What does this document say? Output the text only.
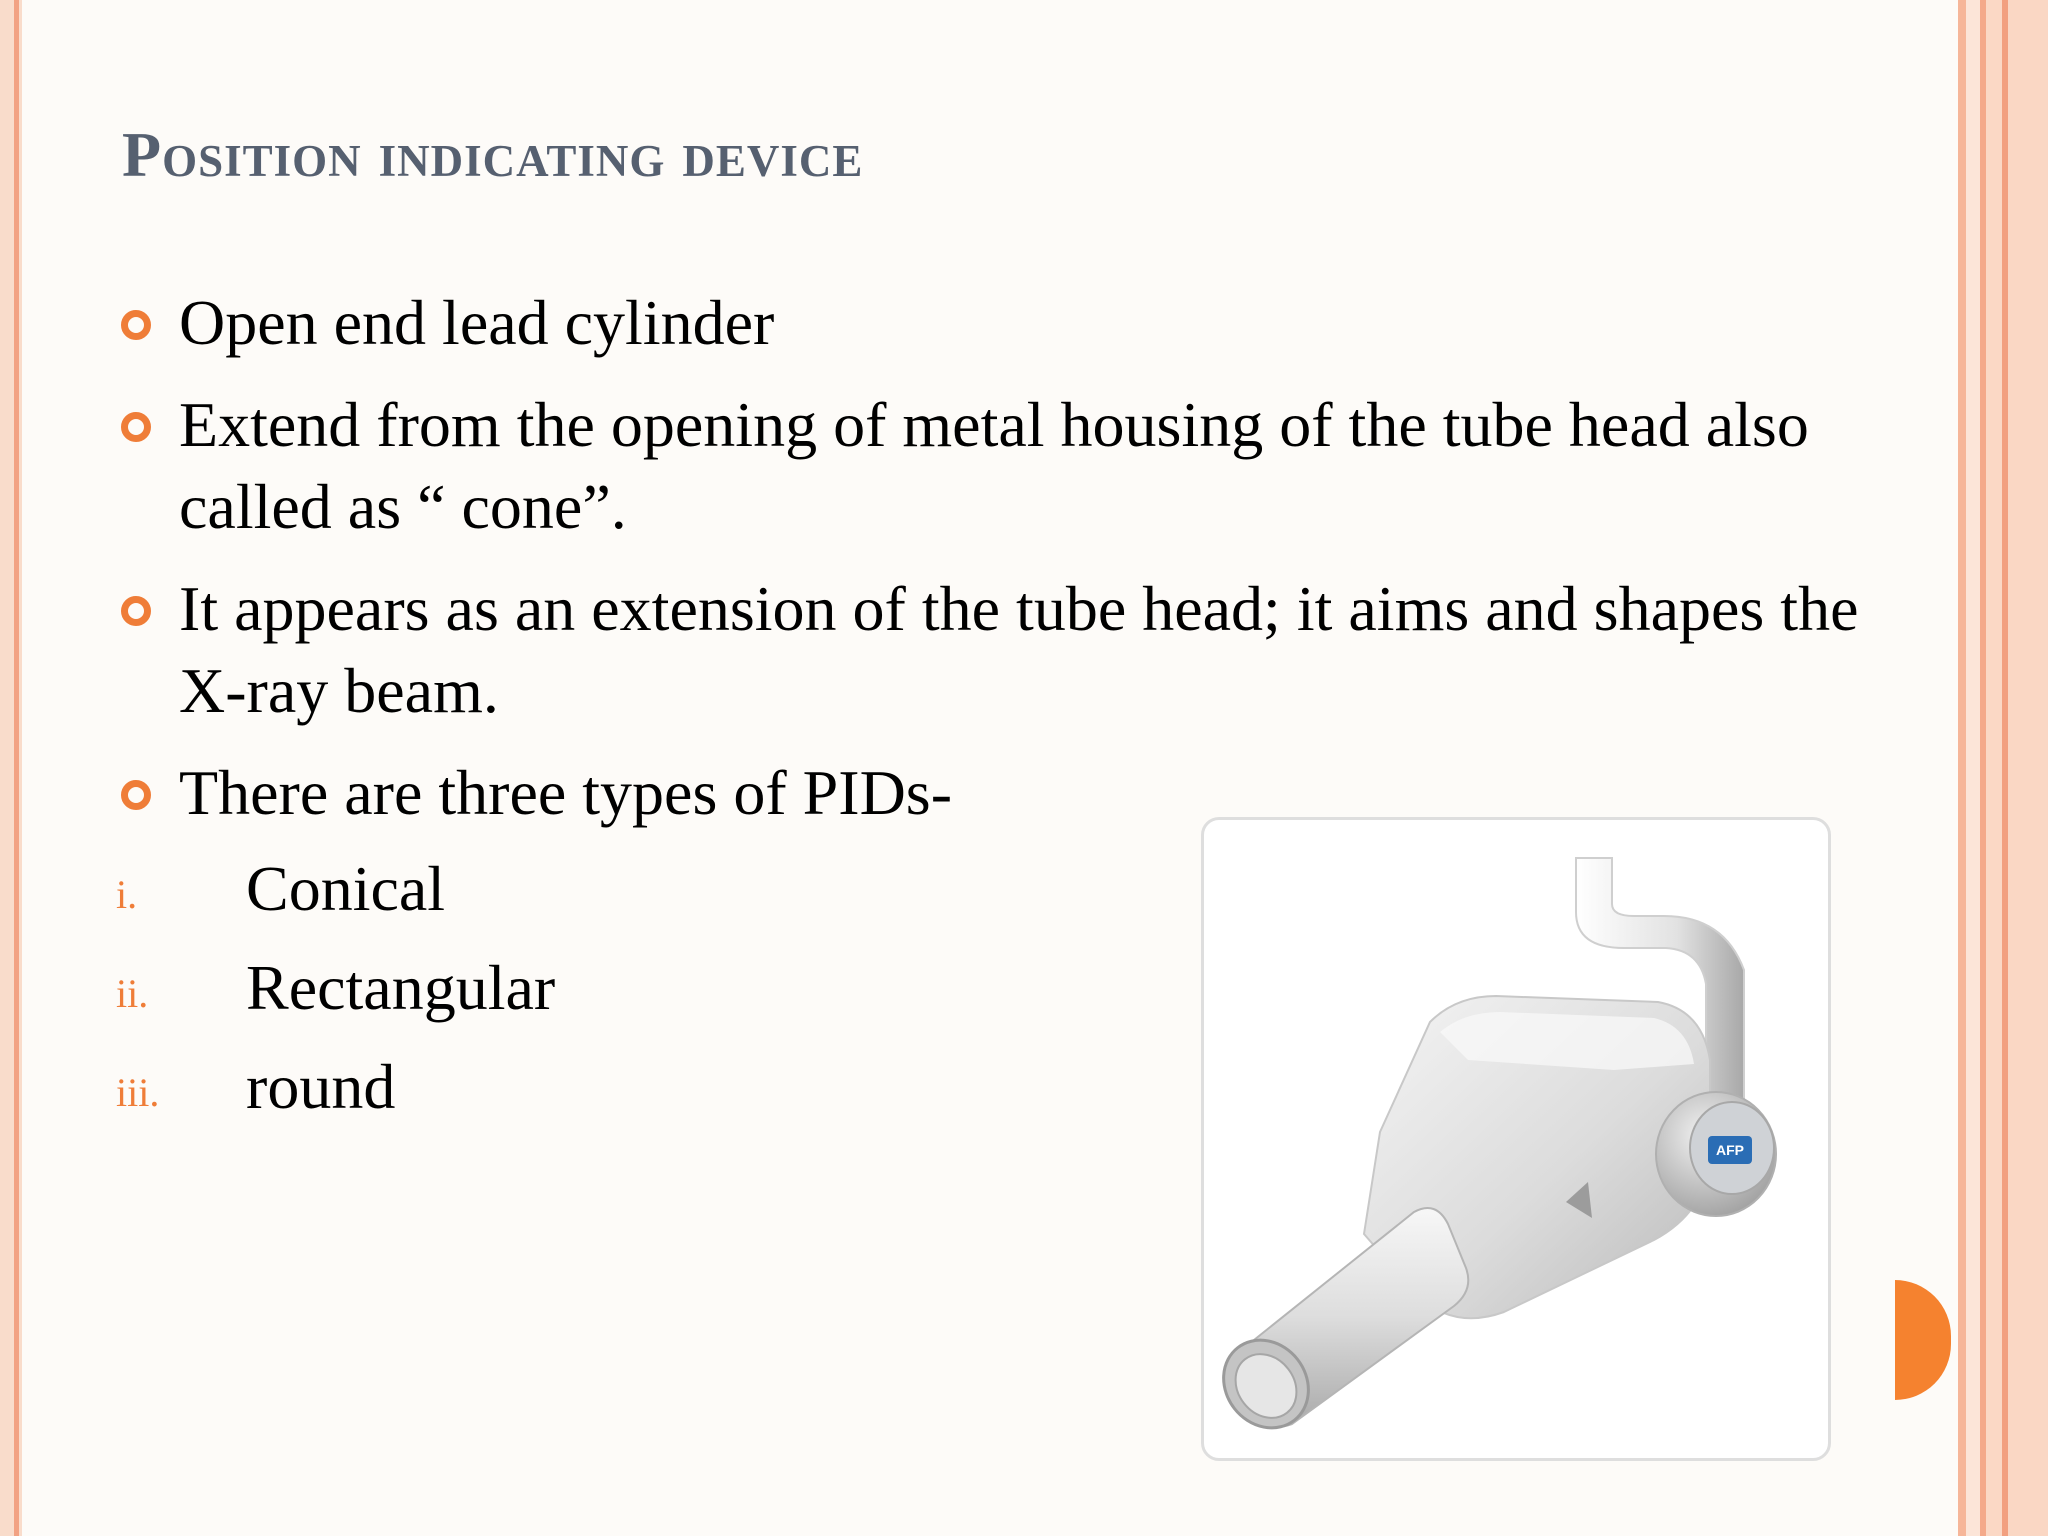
Position indicating device
Open end lead cylinder
Extend from the opening of metal housing of the tube head also called as “ cone”.
It appears as an extension of the tube head; it aims and shapes the X-ray beam.
There are three types of PIDs-
i.	Conical
ii.	Rectangular
iii.	round
AFP
